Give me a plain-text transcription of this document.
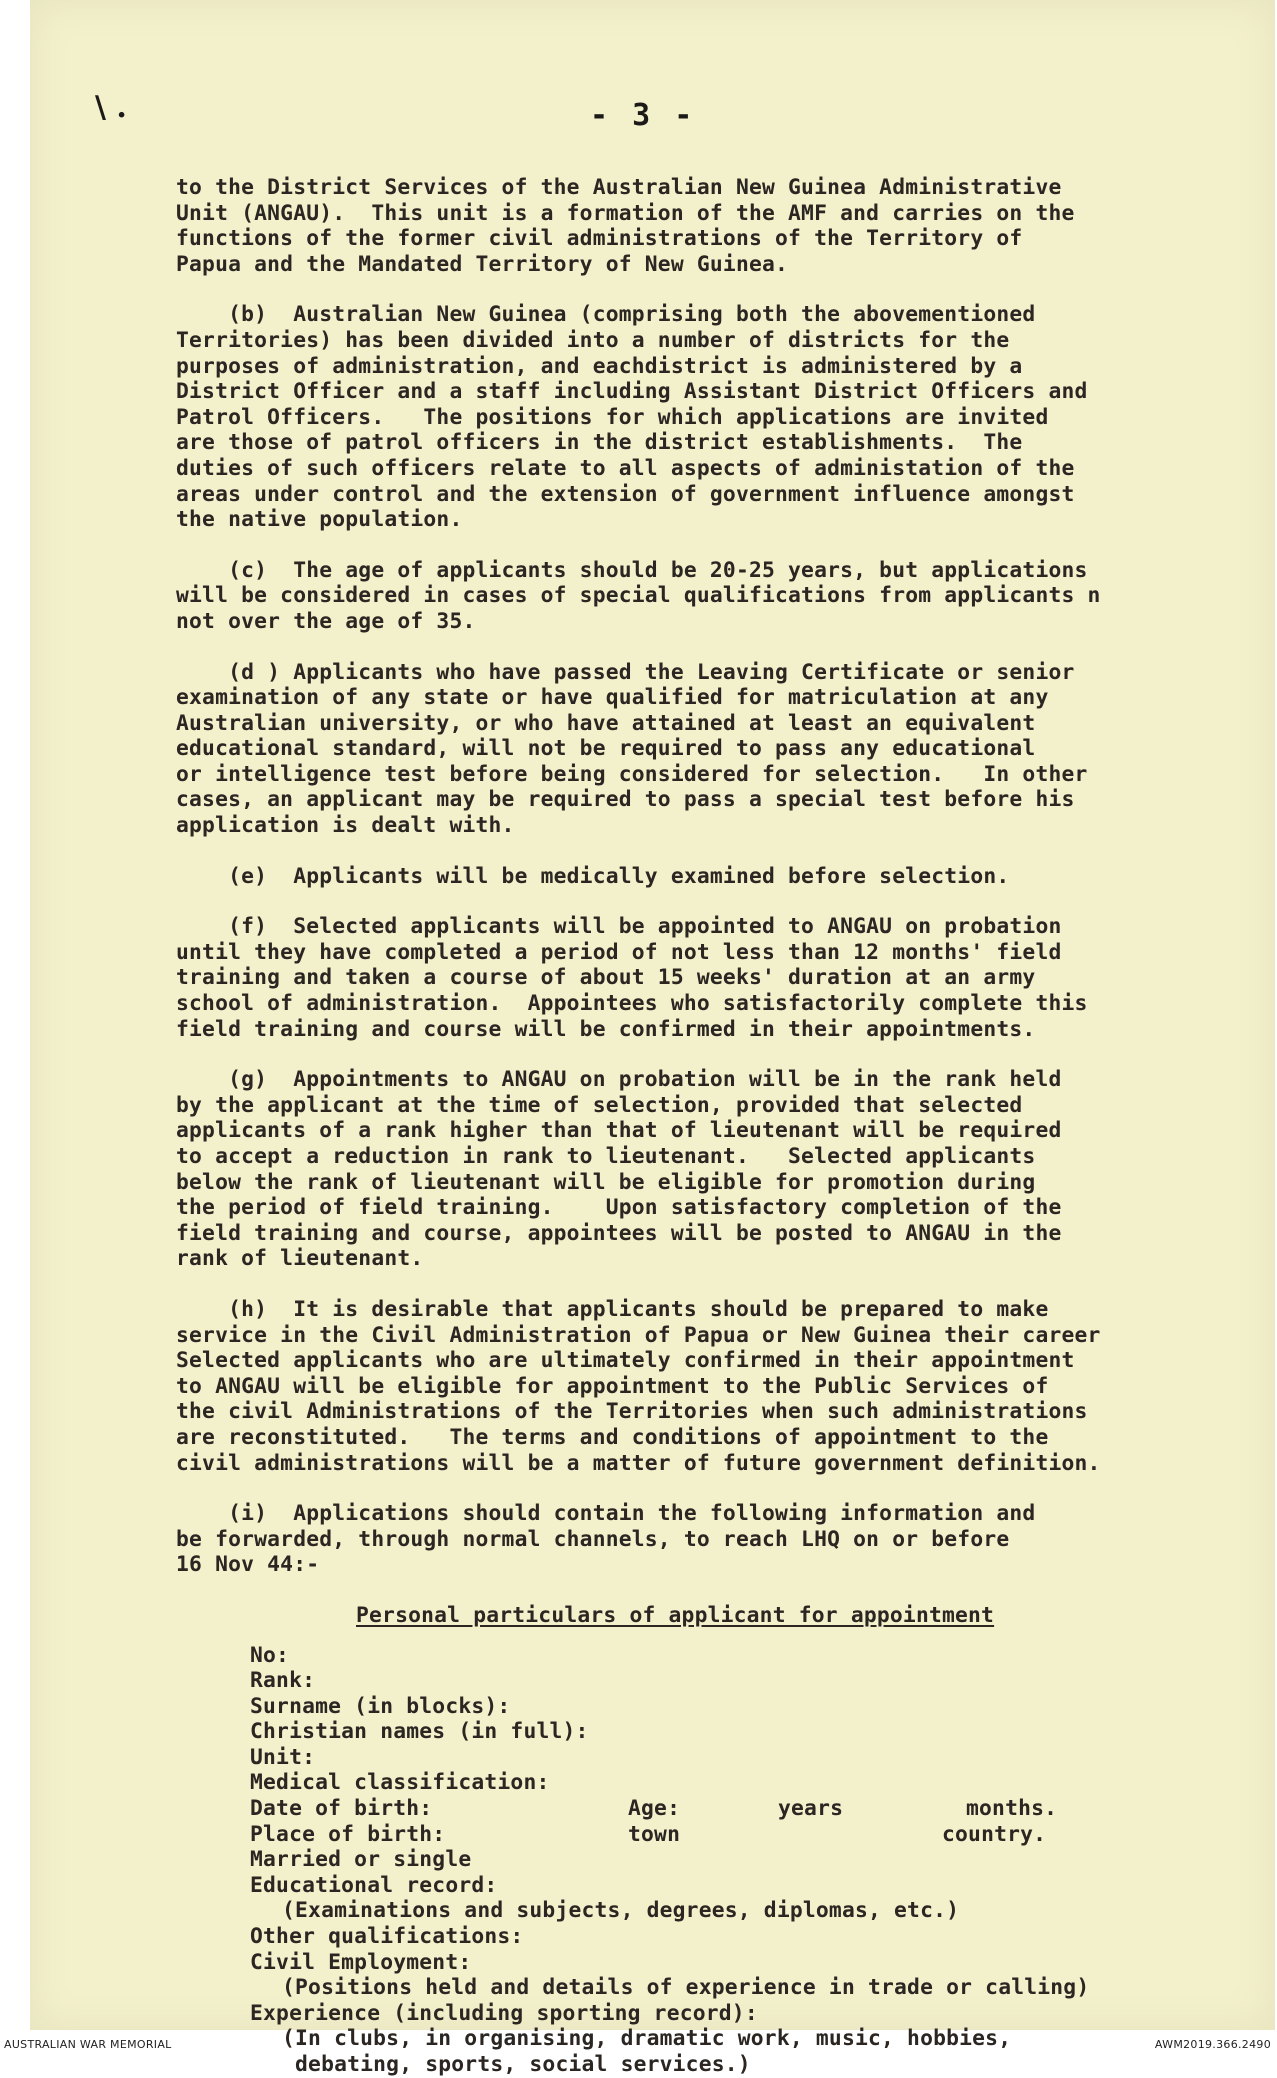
\ .	- 3 -
to the District Services of the Australian New Guinea Administrative
Unit (ANGAU).  This unit is a formation of the AMF and carries on the
functions of the former civil administrations of the Territory of
Papua and the Mandated Territory of New Guinea.
(b)  Australian New Guinea (comprising both the abovementioned
Territories) has been divided into a number of districts for the
purposes of administration, and eachdistrict is administered by a
District Officer and a staff including Assistant District Officers and
Patrol Officers.   The positions for which applications are invited
are those of patrol officers in the district establishments.  The
duties of such officers relate to all aspects of administation of the
areas under control and the extension of government influence amongst
the native population.
(c)  The age of applicants should be 20-25 years, but applications
will be considered in cases of special qualifications from applicants n
not over the age of 35.
(d ) Applicants who have passed the Leaving Certificate or senior
examination of any state or have qualified for matriculation at any
Australian university, or who have attained at least an equivalent
educational standard, will not be required to pass any educational
or intelligence test before being considered for selection.   In other
cases, an applicant may be required to pass a special test before his
application is dealt with.
(e)  Applicants will be medically examined before selection.
(f)  Selected applicants will be appointed to ANGAU on probation
until they have completed a period of not less than 12 months' field
training and taken a course of about 15 weeks' duration at an army
school of administration.  Appointees who satisfactorily complete this
field training and course will be confirmed in their appointments.
(g)  Appointments to ANGAU on probation will be in the rank held
by the applicant at the time of selection, provided that selected
applicants of a rank higher than that of lieutenant will be required
to accept a reduction in rank to lieutenant.   Selected applicants
below the rank of lieutenant will be eligible for promotion during
the period of field training.    Upon satisfactory completion of the
field training and course, appointees will be posted to ANGAU in the
rank of lieutenant.
(h)  It is desirable that applicants should be prepared to make
service in the Civil Administration of Papua or New Guinea their career
Selected applicants who are ultimately confirmed in their appointment
to ANGAU will be eligible for appointment to the Public Services of
the civil Administrations of the Territories when such administrations
are reconstituted.   The terms and conditions of appointment to the
civil administrations will be a matter of future government definition.
(i)  Applications should contain the following information and
be forwarded, through normal channels, to reach LHQ on or before
16 Nov 44:-
Personal particulars of applicant for appointment
No:
Rank:
Surname (in blocks):
Christian names (in full):
Unit:
Medical classification:
Date of birth:	Age:	years	months.
Place of birth:	town	country.
Married or single
Educational record:
(Examinations and subjects, degrees, diplomas, etc.)
Other qualifications:
Civil Employment:
(Positions held and details of experience in trade or calling)
Experience (including sporting record):
(In clubs, in organising, dramatic work, music, hobbies,
debating, sports, social services.)
AUSTRALIAN WAR MEMORIAL	AWM2019.366.2490
